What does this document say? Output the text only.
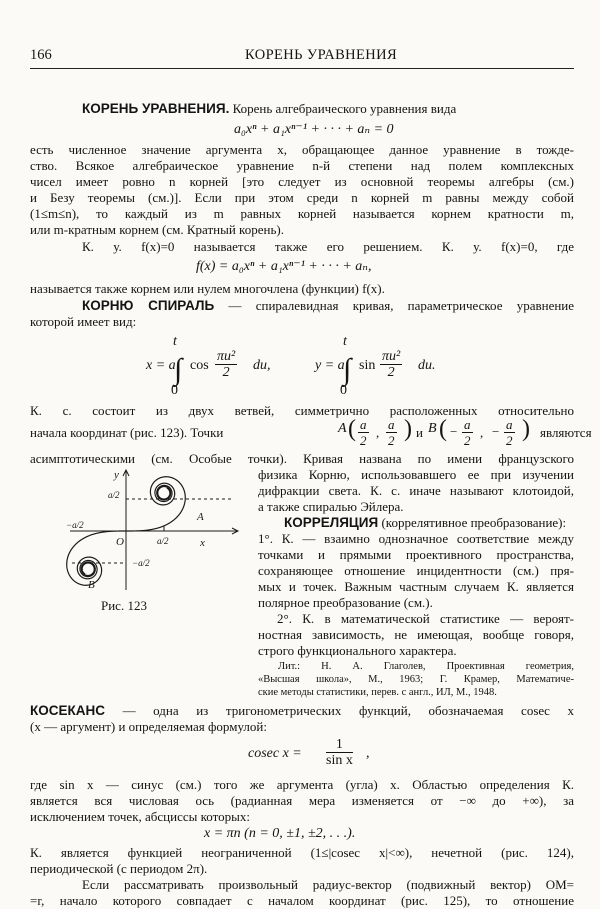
166	КОРЕНЬ УРАВНЕНИЯ
КОРЕНЬ УРАВНЕНИЯ. Корень алгебраического уравнения вида
a₀xⁿ + a₁xⁿ⁻¹ + · · · + aₙ = 0
есть численное значение аргумента x, обращающее данное уравнение в тожде-
ство. Всякое алгебраическое уравнение n-й степени над полем комплексных
чисел имеет ровно n корней [это следует из основной теоремы алгебры (см.)
и Безу теоремы (см.)]. Если при этом среди n корней m равны между собой
(1≤m≤n), то каждый из m равных корней называется корнем кратности m,
или m-кратным корнем (см. Кратный корень).
К. у. f(x)=0 называется также его решением. К. у. f(x)=0, где
f(x) = a₀xⁿ + a₁xⁿ⁻¹ + · · · + aₙ,
называется также корнем или нулем многочлена (функции) f(x).
КОРНЮ СПИРАЛЬ — спиралевидная кривая, параметрическое уравнение
которой имеет вид:
t
∫
0
x = a $\cos \frac{\text{πu²}}{2}$ du,
t
∫
0
y = a $\sin \frac{\text{πu²}}{2}$ du.
К. с. состоит из двух ветвей, симметрично расположенных относительно
начала координат (рис. 123). Точки	A ( $\frac{a}{2}$ , $\frac{a}{2}$ ) и B ( − $\frac{a}{2}$ , − $\frac{a}{2}$ ) являются
асимптотическими (см. Особые точки). Кривая названа по имени французского
физика Корню, использовавшего ее при изучении
дифракции света. К. с. иначе называют клотоидой,
а также спиралью Эйлера.
y
x
O
A
B
a/2
a/2
−a/2
−a/2
Рис. 123
КОРРЕЛЯЦИЯ (коррелятивное преобразование):
1°. К. — взаимно однозначное соответствие между
точками и прямыми проективного пространства,
сохраняющее отношение инцидентности (см.) пря-
мых и точек. Важным частным случаем К. является
полярное преобразование (см.).
2°. К. в математической статистике — вероят-
ностная зависимость, не имеющая, вообще говоря,
строго функционального характера.
Лит.: Н. А. Глаголев, Проективная геометрия,
«Высшая школа», М., 1963; Г. Крамер, Математиче-
ские методы статистики, перев. с англ., ИЛ, М., 1948.
КОСЕКАНС — одна из тригонометрических функций, обозначаемая cosec x
(x — аргумент) и определяемая формулой:
cosec $x = \frac{1}{\text{sin x}}$ ,
где sin x — синус (см.) того же аргумента (угла) x. Областью определения К.
является вся числовая ось (радианная мера изменяется от −∞ до +∞), за
исключением точек, абсциссы которых:
x = πn (n = 0, ±1, ±2, . . .).
К. является функцией неограниченной (1≤|cosec x|<∞), нечетной (рис. 124),
периодической (с периодом 2π).
Если рассматривать произвольный радиус-вектор (подвижный вектор) OM=
=r, начало которого совпадает с началом координат (рис. 125), то отношение
